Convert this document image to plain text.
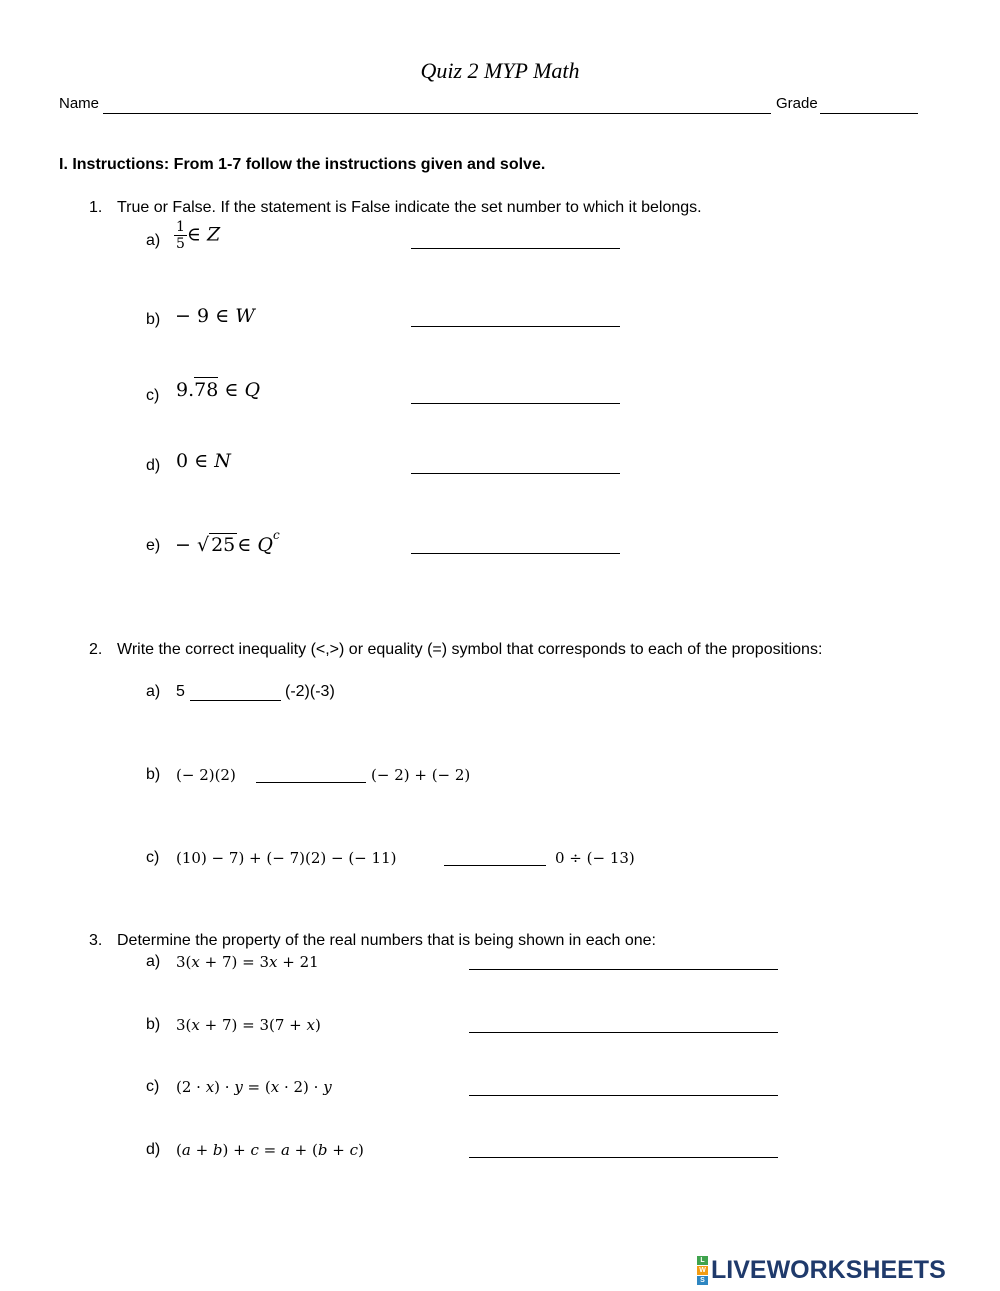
Quiz 2 MYP Math
Name	Grade
I. Instructions: From 1-7 follow the instructions given and solve.
1. True or False. If the statement is False indicate the set number to which it belongs.
$a) \frac{1}{5}$ ∈ Z
b) − 9 ∈ W
c) 9.78 ∈ Q
d) 0 ∈ N
e) − √ 25 ∈ $Q^c$
2. Write the correct inequality (<,>) or equality (=) symbol that corresponds to each of the propositions:
a) 5	(-2)(-3)
b) (− 2)(2)	(− 2) + (− 2)
c) (10) − 7) + (− 7)(2) − (− 11)	0 ÷ (− 13)
3. Determine the property of the real numbers that is being shown in each one:
a) 3(𝑥 + 7) = 3𝑥 + 21
b) 3(𝑥 + 7) = 3(7 + 𝑥)
c) (2 · 𝑥) · 𝑦 = (𝑥 · 2) · 𝑦
d) (𝑎 + 𝑏) + 𝑐 = 𝑎 + (𝑏 + 𝑐)
L
W
S LIVEWORKSHEETS
